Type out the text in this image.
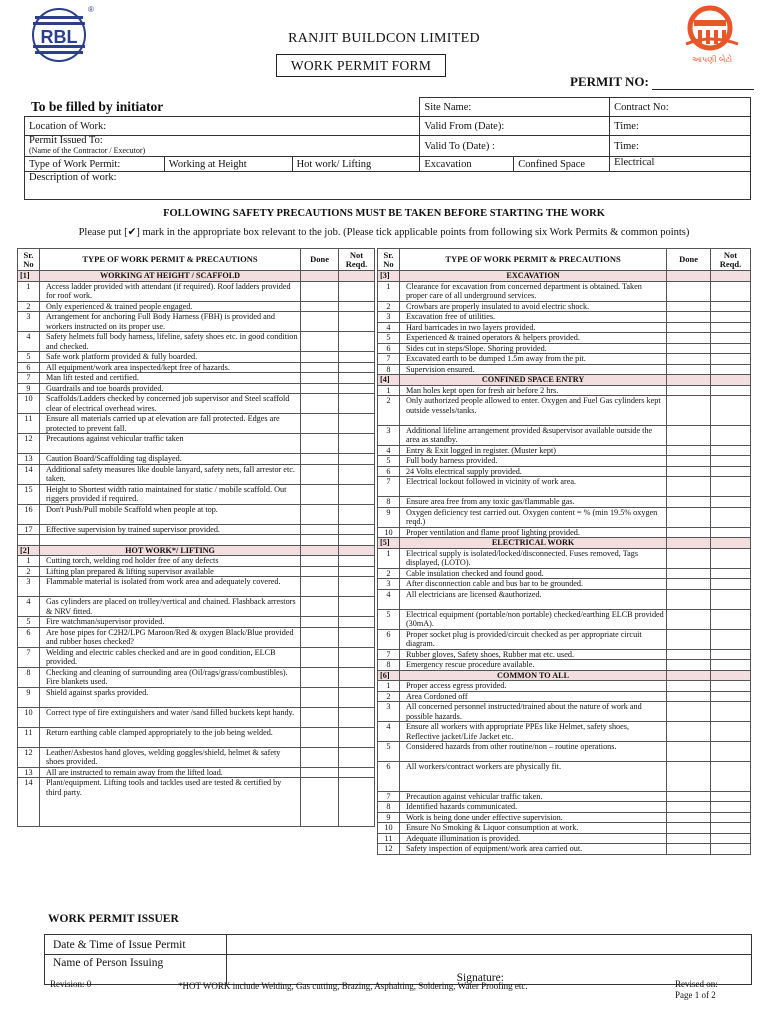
RBL
®
આપણી બેટો
RANJIT BUILDCON LIMITED
WORK PERMIT FORM
PERMIT NO:
To be filled by initiator
			Site Name:		Contract No:
Location of Work:			Valid From (Date):		Time:
Permit Issued To:
(Name of the Contractor / Executor)			Valid To (Date) :		Time:
Type of Work Permit:	Working at Height	Hot work/ Lifting	Excavation	Confined Space	Electrical
Description of work:					
FOLLOWING SAFETY PRECAUTIONS MUST BE TAKEN BEFORE STARTING THE WORK
Please put [✔] mark in the appropriate box relevant to the job. (Please tick applicable points from following six Work Permits & common points)
Sr. No	TYPE OF WORK PERMIT & PRECAUTIONS	Done	Not Reqd.
[1]	WORKING AT HEIGHT / SCAFFOLD		
1	Access ladder provided with attendant (if required). Roof ladders provided for roof work.		
2	Only experienced & trained people engaged.		
3	Arrangement for anchoring Full Body Harness (FBH) is provided and workers instructed on its proper use.		
4	Safety helmets full body harness, lifeline, safety shoes etc. in good condition and checked.		
5	Safe work platform provided & fully boarded.		
6	All equipment/work area inspected/kept free of hazards.		
7	Man lift tested and certified.		
9	Guardrails and toe boards provided.		
10	Scaffolds/Ladders checked by concerned job supervisor and Steel scaffold clear of electrical overhead wires.		
11	Ensure all materials carried up at elevation are fall protected. Edges are protected to prevent fall.		
12	Precautions against vehicular traffic taken		
13	Caution Board/Scaffolding tag displayed.		
14	Additional safety measures like double lanyard, safety nets, fall arrestor etc. taken.		
15	Height to Shortest width ratio maintained for static / mobile scaffold. Out riggers provided if required.		
16	Don't Push/Pull mobile Scaffold when people at top.		
17	Effective supervision by trained supervisor provided.		

[2]	HOT WORK*/ LIFTING		
1	Cutting torch, welding rod holder free of any defects		
2	Lifting plan prepared & lifting supervisor available		
3	Flammable material is isolated from work area and adequately covered.		
4	Gas cylinders are placed on trolley/vertical and chained. Flashback arrestors & NRV fitted.		
5	Fire watchman/supervisor provided.		
6	Are hose pipes for C2H2/LPG Maroon/Red & oxygen Black/Blue provided and rubber hoses checked?		
7	Welding and electric cables checked and are in good condition, ELCB provided.		
8	Checking and cleaning of surrounding area (Oil/rags/grass/combustibles). Fire blankets used.		
9	Shield against sparks provided.		
10	Correct type of fire extinguishers and water /sand filled buckets kept handy.		
11	Return earthing cable clamped appropriately to the job being welded.		
12	Leather/Asbestos hand gloves, welding goggles/shield, helmet & safety shoes provided.		
13	All are instructed to remain away from the lifted load.		
14	Plant/equipment. Lifting tools and tackles used are tested & certified by third party.		
Sr. No	TYPE OF WORK PERMIT & PRECAUTIONS	Done	Not Reqd.
[3]	EXCAVATION		
1	Clearance for excavation from concerned department is obtained. Taken proper care of all underground services.		
2	Crowbars are properly insulated to avoid electric shock.		
3	Excavation free of utilities.		
4	Hard barricades in two layers provided.		
5	Experienced & trained operators & helpers provided.		
6	Sides cut in steps/Slope. Shoring provided.		
7	Excavated earth to be dumped 1.5m away from the pit.		
8	Supervision ensured.		
[4]	CONFINED SPACE ENTRY		
1	Man holes kept open for fresh air before 2 hrs.		
2	Only authorized people allowed to enter. Oxygen and Fuel Gas cylinders kept outside vessels/tanks.		
3	Additional lifeline arrangement provided &supervisor available outside the area as standby.		
4	Entry & Exit logged in register. (Muster kept)		
5	Full body harness provided.		
6	24 Volts electrical supply provided.		
7	Electrical lockout followed in vicinity of work area.		
8	Ensure area free from any toxic gas/flammable gas.		
9	Oxygen deficiency test carried out. Oxygen content = % (min 19.5% oxygen reqd.)		
10	Proper ventilation and flame proof lighting provided.		
[5]	ELECTRICAL WORK		
1	Electrical supply is isolated/locked/disconnected. Fuses removed, Tags displayed, (LOTO).		
2	Cable insulation checked and found good.		
3	After disconnection cable and bus bar to be grounded.		
4	All electricians are licensed &authorized.		
5	Electrical equipment (portable/non portable) checked/earthing ELCB provided (30mA).		
6	Proper socket plug is provided/circuit checked as per appropriate circuit diagram.		
7	Rubber gloves, Safety shoes, Rubber mat etc. used.		
8	Emergency rescue procedure available.		
[6]	COMMON TO ALL		
1	Proper access egress provided.		
2	Area Cordoned off		
3	All concerned personnel instructed/trained about the nature of work and possible hazards.		
4	Ensure all workers with appropriate PPEs like Helmet, safety shoes, Reflective jacket/Life Jacket etc.		
5	Considered hazards from other routine/non – routine operations.		
6	All workers/contract workers are physically fit.		
7	Precaution against vehicular traffic taken.		
8	Identified hazards communicated.		
9	Work is being done under effective supervision.		
10	Ensure No Smoking & Liquor consumption at work.		
11	Adequate illumination is provided.		
12	Safety inspection of equipment/work area carried out.		
WORK PERMIT ISSUER
Date & Time of Issue Permit	
Name of Person Issuing	Signature:
Revision: 0	*HOT WORK include Welding, Gas cutting, Brazing, Asphalting, Soldering, Water Proofing etc.	Revised on:
Page 1 of 2
